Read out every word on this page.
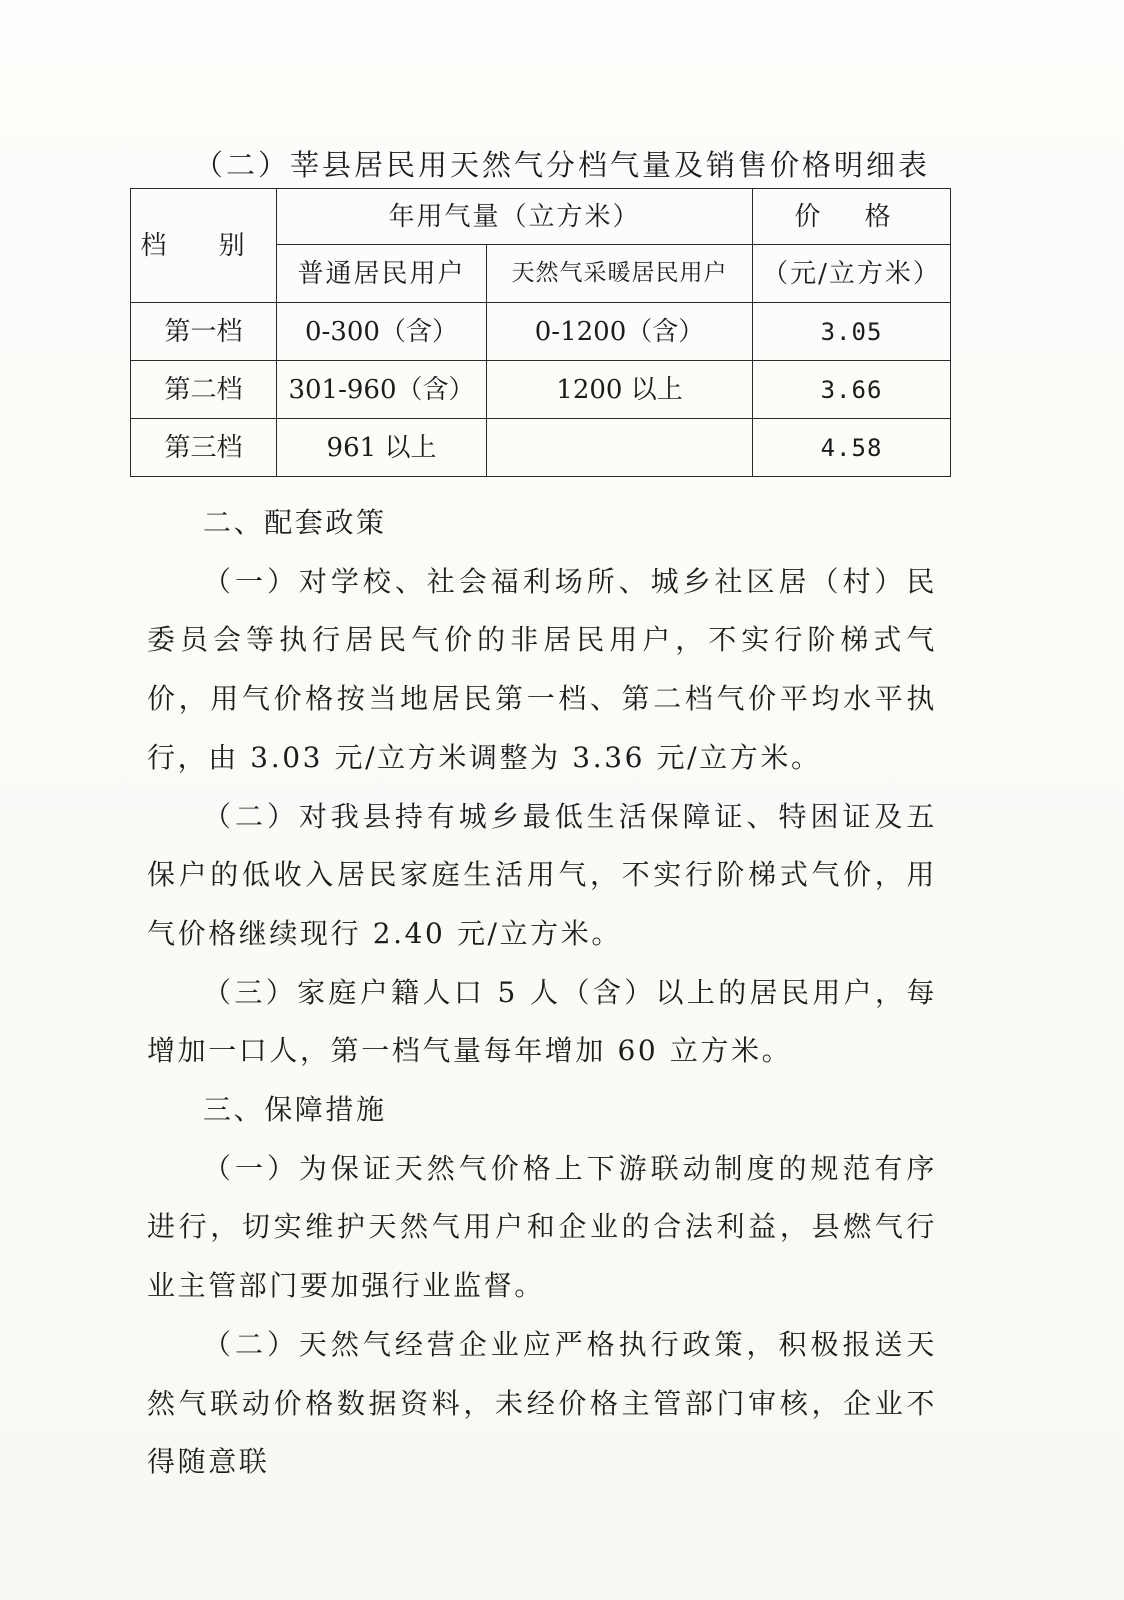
（二）莘县居民用天然气分档气量及销售价格明细表
档 别	年用气量（立方米）		价 格
	普通居民用户	天然气采暖居民用户	（元/立方米）
第一档	0-300（含）	0-1200（含）	3.05
第二档	301-960（含）	1200 以上	3.66
第三档	961 以上		4.58

二、配套政策

（一）对学校、社会福利场所、城乡社区居（村）民委员会等执行居民气价的非居民用户，不实行阶梯式气价，用气价格按当地居民第一档、第二档气价平均水平执行，由 3.03 元/立方米调整为 3.36 元/立方米。

（二）对我县持有城乡最低生活保障证、特困证及五保户的低收入居民家庭生活用气，不实行阶梯式气价，用气价格继续现行 2.40 元/立方米。

（三）家庭户籍人口 5 人（含）以上的居民用户，每增加一口人，第一档气量每年增加 60 立方米。

三、保障措施

（一）为保证天然气价格上下游联动制度的规范有序进行，切实维护天然气用户和企业的合法利益，县燃气行业主管部门要加强行业监督。

（二）天然气经营企业应严格执行政策，积极报送天然气联动价格数据资料，未经价格主管部门审核，企业不得随意联
